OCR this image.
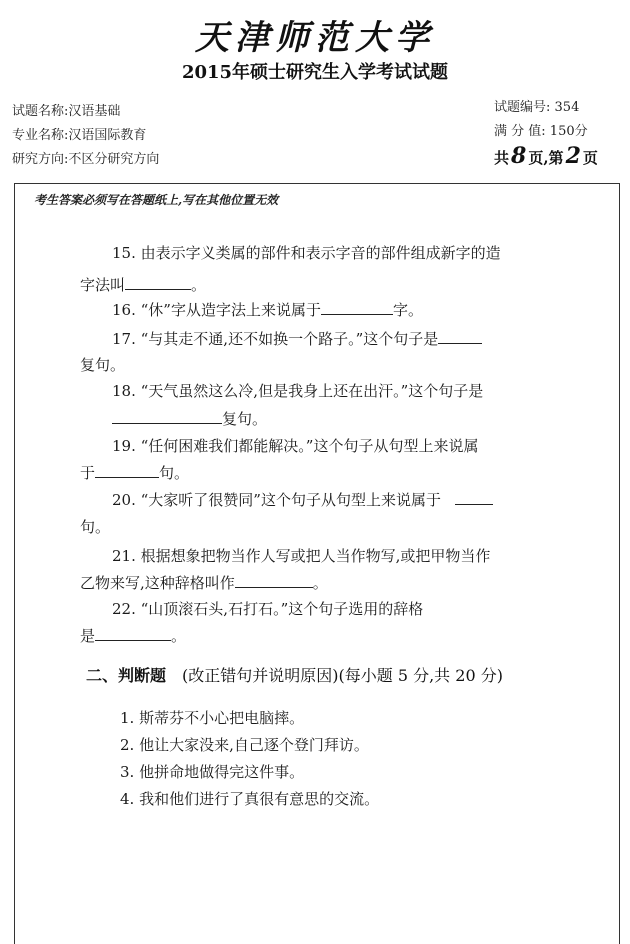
天津师范大学
2015年硕士研究生入学考试试题
试题名称:汉语基础
专业名称:汉语国际教育
研究方向:不区分研究方向
试题编号: 354
满 分 值: 150分
共8 页,第2 页
考生答案必须写在答题纸上,写在其他位置无效
15. 由表示字义类属的部件和表示字音的部件组成新字的造
字法叫	。
16. “休”字从造字法上来说属于	字。
17. “与其走不通,还不如换一个路子。”这个句子是
复句。
18. “天气虽然这么冷,但是我身上还在出汗。”这个句子是
复句。
19. “任何困难我们都能解决。”这个句子从句型上来说属
于	句。
20. “大家听了很赞同”这个句子从句型上来说属于
句。
21. 根据想象把物当作人写或把人当作物写,或把甲物当作
乙物来写,这种辞格叫作	。
22. “山顶滚石头,石打石。”这个句子选用的辞格
是	。
二、判断题 (改正错句并说明原因)(每小题 5 分,共 20 分)
1. 斯蒂芬不小心把电脑摔。
2. 他让大家没来,自己逐个登门拜访。
3. 他拼命地做得完这件事。
4. 我和他们进行了真很有意思的交流。
